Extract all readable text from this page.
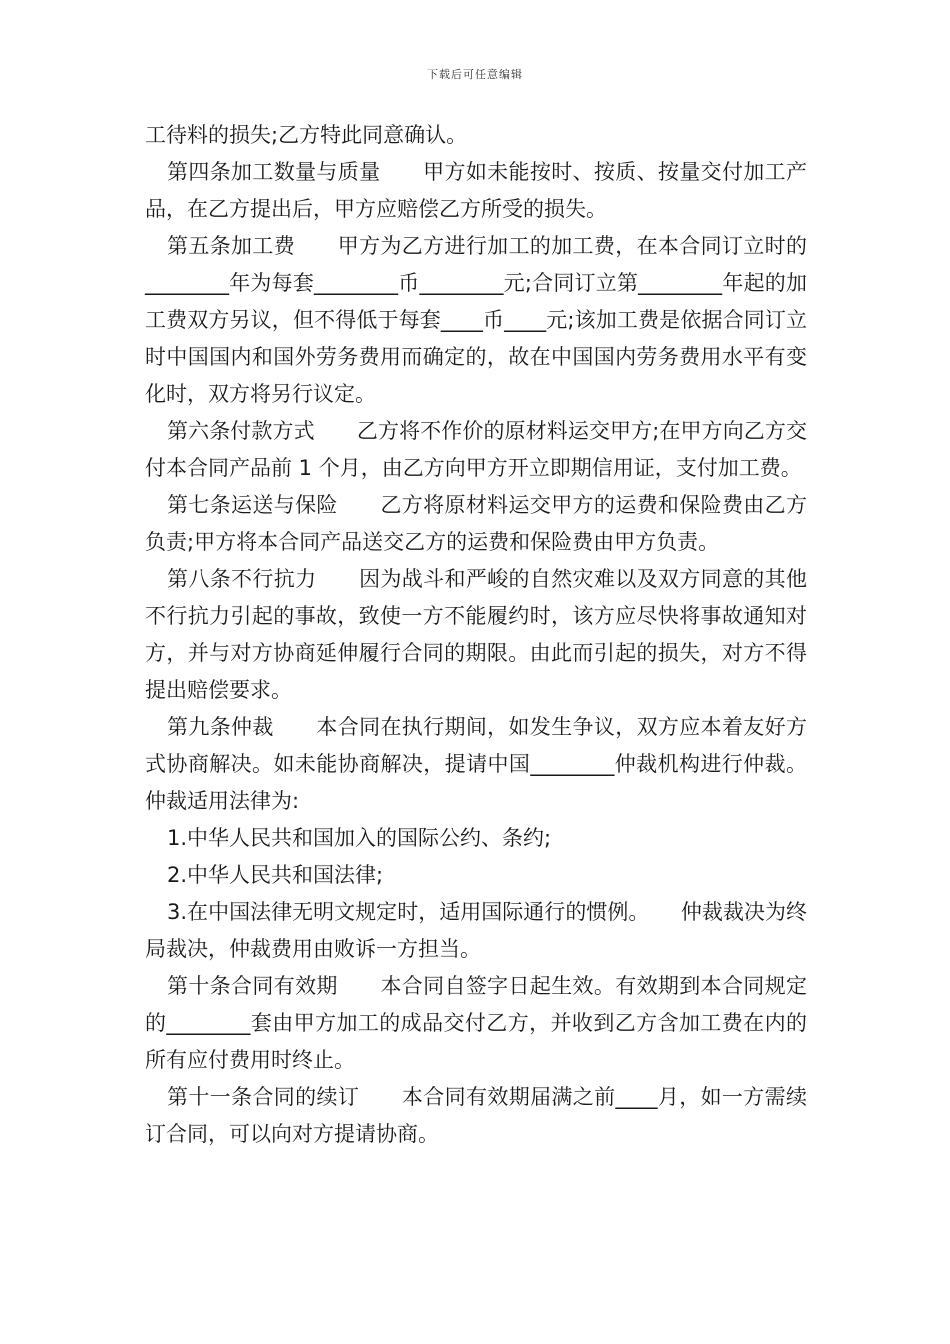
下载后可任意编辑

工待料的损失;乙方特此同意确认。

第四条加工数量与质量　　甲方如未能按时、按质、按量交付加工产品，在乙方提出后，甲方应赔偿乙方所受的损失。

第五条加工费　　甲方为乙方进行加工的加工费，在本合同订立时的________年为每套________币________元;合同订立第________年起的加工费双方另议，但不得低于每套____币____元;该加工费是依据合同订立时中国国内和国外劳务费用而确定的，故在中国国内劳务费用水平有变化时，双方将另行议定。

第六条付款方式　　乙方将不作价的原材料运交甲方;在甲方向乙方交付本合同产品前 1 个月，由乙方向甲方开立即期信用证，支付加工费。

第七条运送与保险　　乙方将原材料运交甲方的运费和保险费由乙方负责;甲方将本合同产品送交乙方的运费和保险费由甲方负责。

第八条不行抗力　　因为战斗和严峻的自然灾难以及双方同意的其他不行抗力引起的事故，致使一方不能履约时，该方应尽快将事故通知对方，并与对方协商延伸履行合同的期限。由此而引起的损失，对方不得提出赔偿要求。

第九条仲裁　　本合同在执行期间，如发生争议，双方应本着友好方式协商解决。如未能协商解决，提请中国________仲裁机构进行仲裁。仲裁适用法律为:

1.中华人民共和国加入的国际公约、条约;

2.中华人民共和国法律;

3.在中国法律无明文规定时，适用国际通行的惯例。　　仲裁裁决为终局裁决，仲裁费用由败诉一方担当。

第十条合同有效期　　本合同自签字日起生效。有效期到本合同规定的________套由甲方加工的成品交付乙方，并收到乙方含加工费在内的所有应付费用时终止。

第十一条合同的续订　　本合同有效期届满之前____月，如一方需续订合同，可以向对方提请协商。
